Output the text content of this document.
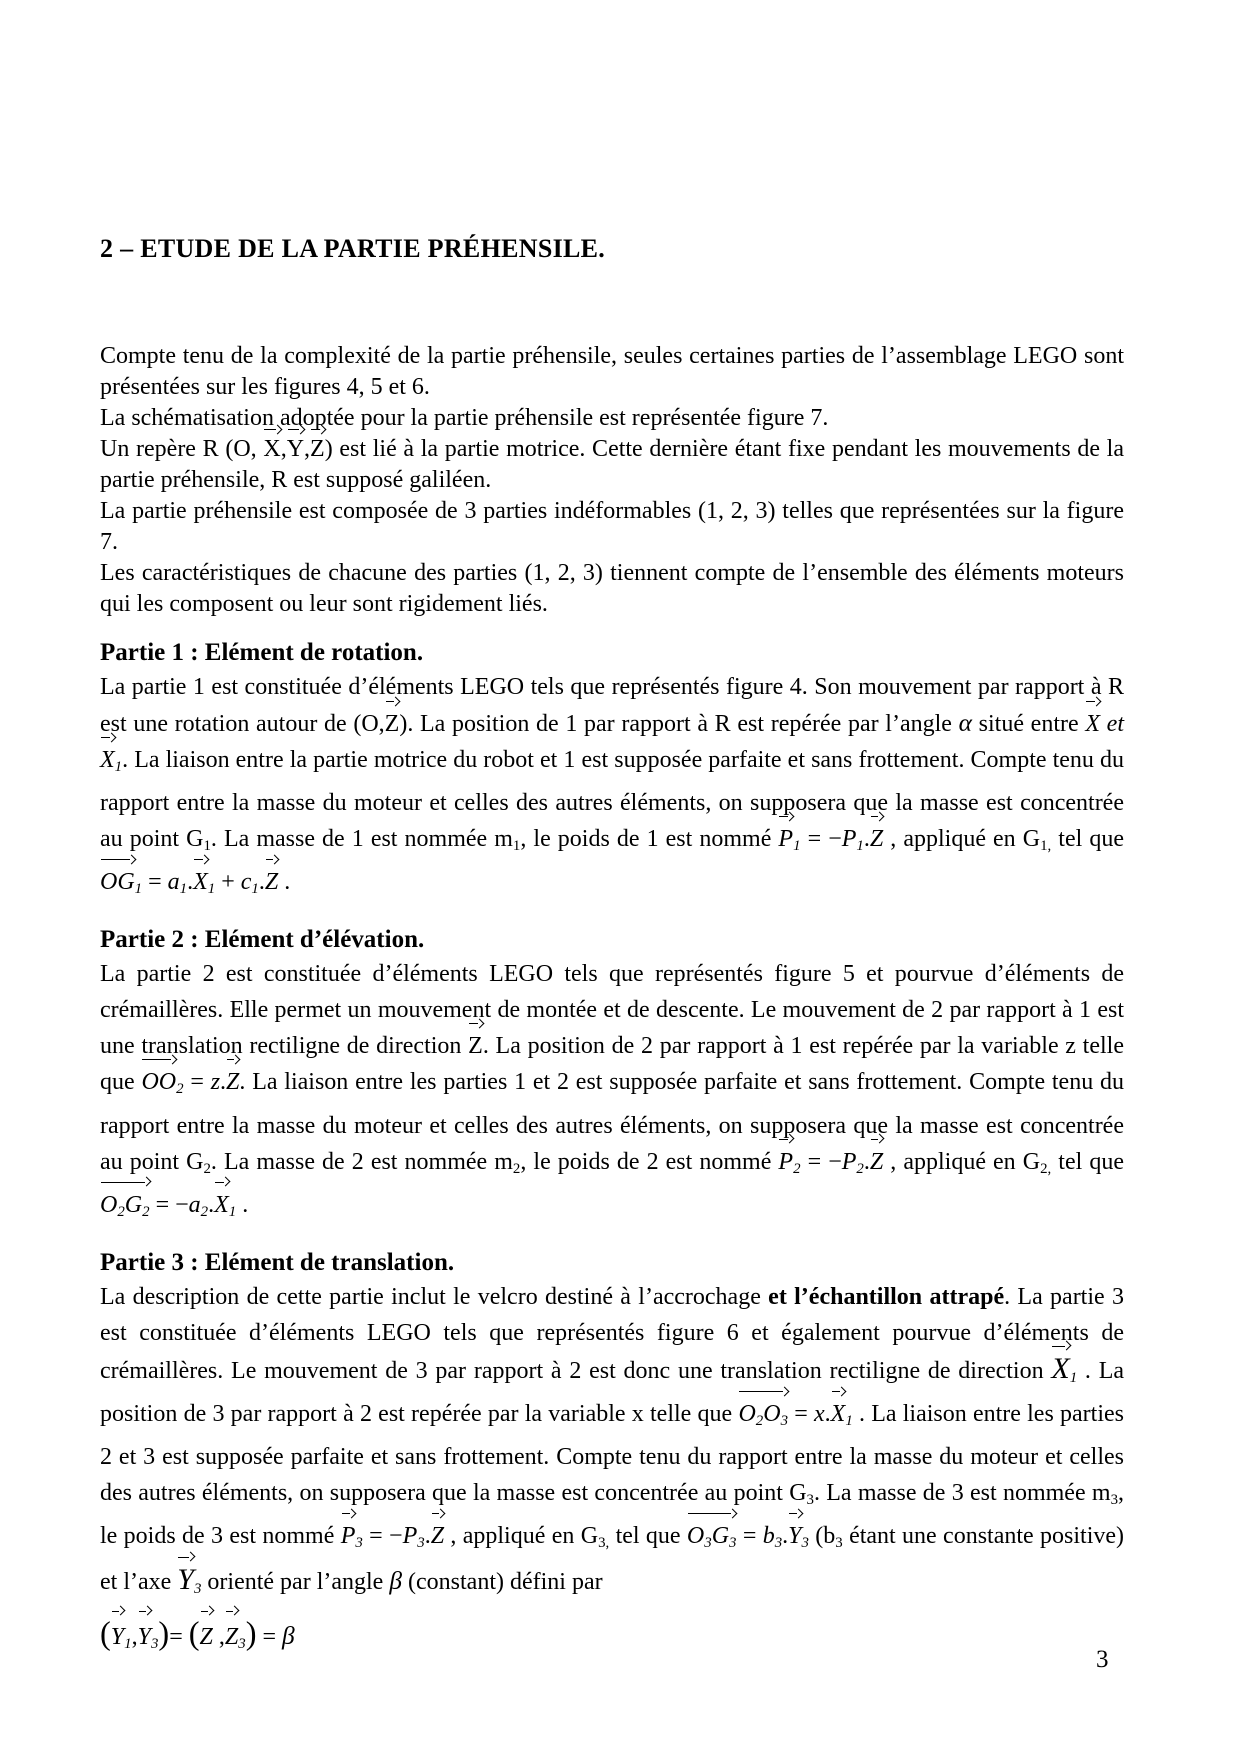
2 – ETUDE DE LA PARTIE PRÉHENSILE.

Compte tenu de la complexité de la partie préhensile, seules certaines parties de l’assemblage LEGO sont présentées sur les figures 4, 5 et 6.

La schématisation adoptée pour la partie préhensile est représentée figure 7.

Un repère R (O, X,Y,Z) est lié à la partie motrice. Cette dernière étant fixe pendant les mouvements de la partie préhensile, R est supposé galiléen.

La partie préhensile est composée de 3 parties indéformables (1, 2, 3) telles que représentées sur la figure 7.

Les caractéristiques de chacune des parties (1, 2, 3) tiennent compte de l’ensemble des éléments moteurs qui les composent ou leur sont rigidement liés.

Partie 1 : Elément de rotation.

La partie 1 est constituée d’éléments LEGO tels que représentés figure 4. Son mouvement par rapport à R est une rotation autour de (O,Z). La position de 1 par rapport à R est repérée par l’angle α situé entre X et X1. La liaison entre la partie motrice du robot et 1 est supposée parfaite et sans frottement. Compte tenu du rapport entre la masse du moteur et celles des autres éléments, on supposera que la masse est concentrée au point G1. La masse de 1 est nommée m1, le poids de 1 est nommé P1 = −P1.Z , appliqué en G1, tel que OG1 = a1.X1 + c1.Z .

Partie 2 : Elément d’élévation.

La partie 2 est constituée d’éléments LEGO tels que représentés figure 5 et pourvue d’éléments de crémaillères. Elle permet un mouvement de montée et de descente. Le mouvement de 2 par rapport à 1 est une translation rectiligne de direction Z. La position de 2 par rapport à 1 est repérée par la variable z telle que OO2 = z.Z. La liaison entre les parties 1 et 2 est supposée parfaite et sans frottement. Compte tenu du rapport entre la masse du moteur et celles des autres éléments, on supposera que la masse est concentrée au point G2. La masse de 2 est nommée m2, le poids de 2 est nommé P2 = −P2.Z , appliqué en G2, tel que O2G2 = −a2.X1 .

Partie 3 : Elément de translation.

La description de cette partie inclut le velcro destiné à l’accrochage et l’échantillon attrapé. La partie 3 est constituée d’éléments LEGO tels que représentés figure 6 et également pourvue d’éléments de crémaillères. Le mouvement de 3 par rapport à 2 est donc une translation rectiligne de direction X1 . La position de 3 par rapport à 2 est repérée par la variable x telle que O2O3 = x.X1 . La liaison entre les parties 2 et 3 est supposée parfaite et sans frottement. Compte tenu du rapport entre la masse du moteur et celles des autres éléments, on supposera que la masse est concentrée au point G3. La masse de 3 est nommée m3, le poids de 3 est nommé P3 = −P3.Z , appliqué en G3, tel que O3G3 = b3.Y3 (b3 étant une constante positive) et l’axe Y3 orienté par l’angle β (constant) défini par

(Y1,Y3)= (Z ,Z3) = β

3
